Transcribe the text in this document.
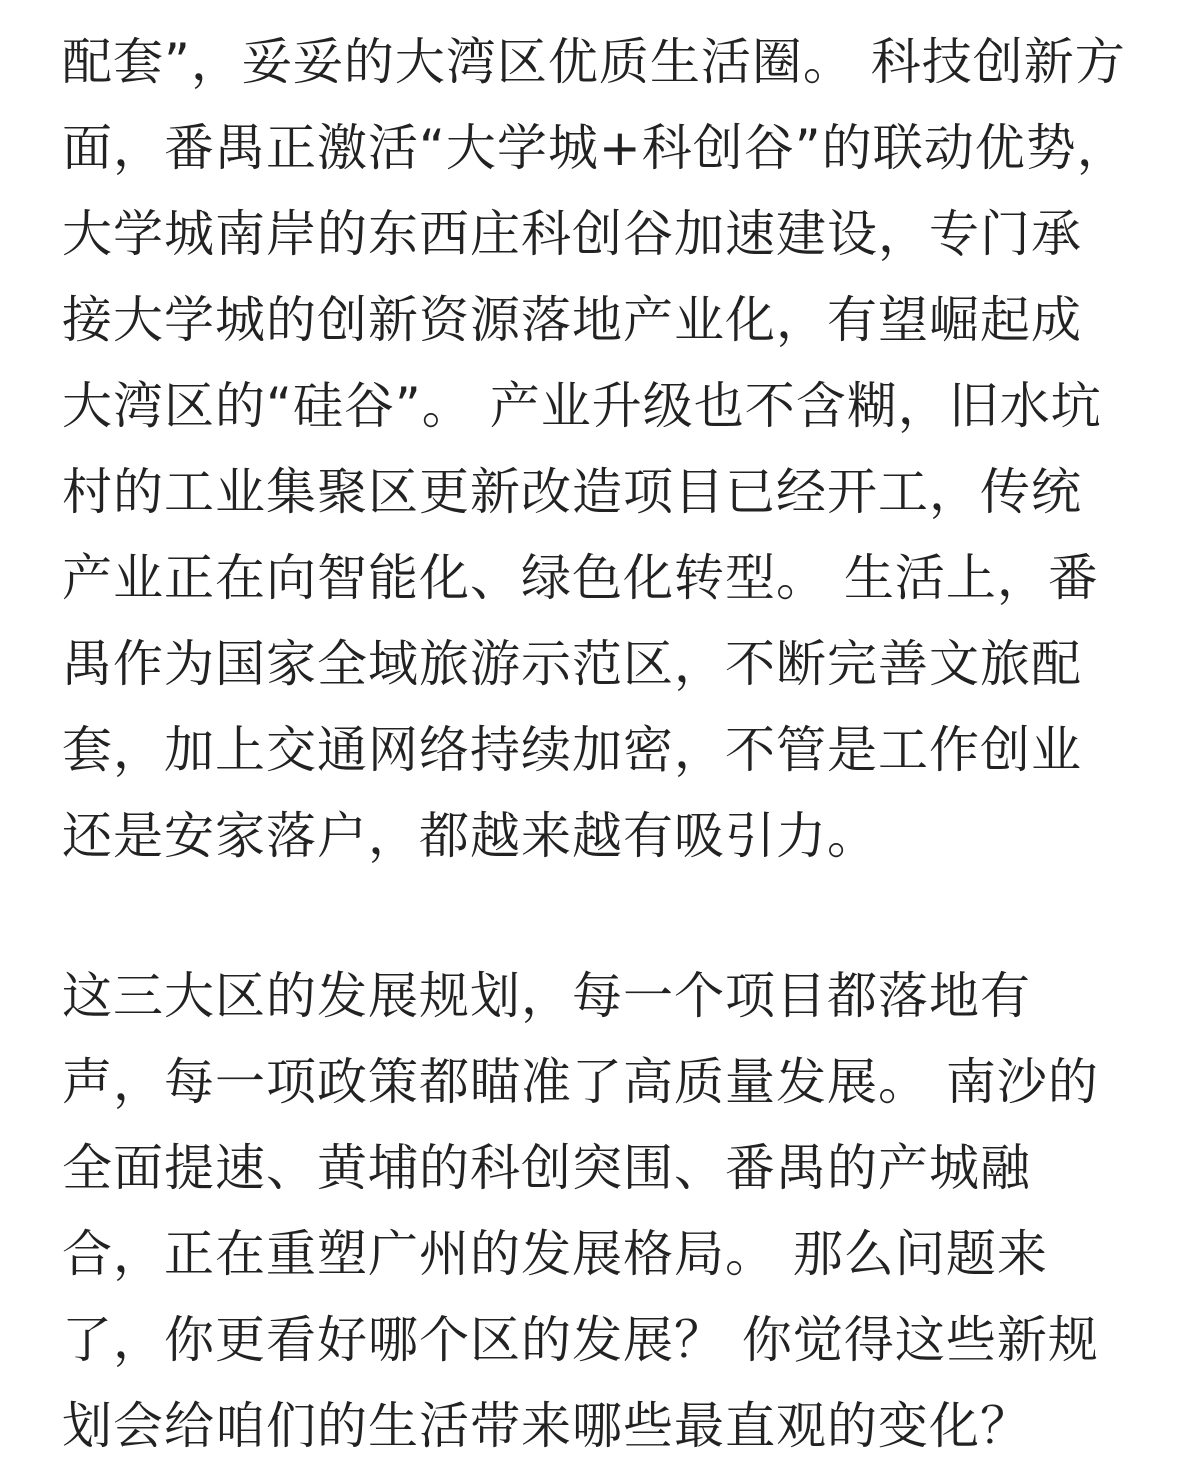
配套”，妥妥的大湾区优质生活圈。 科技创新方
面，番禺正激活“大学城+科创谷”的联动优势，
大学城南岸的东西庄科创谷加速建设，专门承
接大学城的创新资源落地产业化，有望崛起成
大湾区的“硅谷”。 产业升级也不含糊，旧水坑
村的工业集聚区更新改造项目已经开工，传统
产业正在向智能化、绿色化转型。 生活上，番
禺作为国家全域旅游示范区，不断完善文旅配
套，加上交通网络持续加密，不管是工作创业
还是安家落户，都越来越有吸引力。
这三大区的发展规划，每一个项目都落地有
声，每一项政策都瞄准了高质量发展。 南沙的
全面提速、黄埔的科创突围、番禺的产城融
合，正在重塑广州的发展格局。 那么问题来
了，你更看好哪个区的发展？ 你觉得这些新规
划会给咱们的生活带来哪些最直观的变化？
